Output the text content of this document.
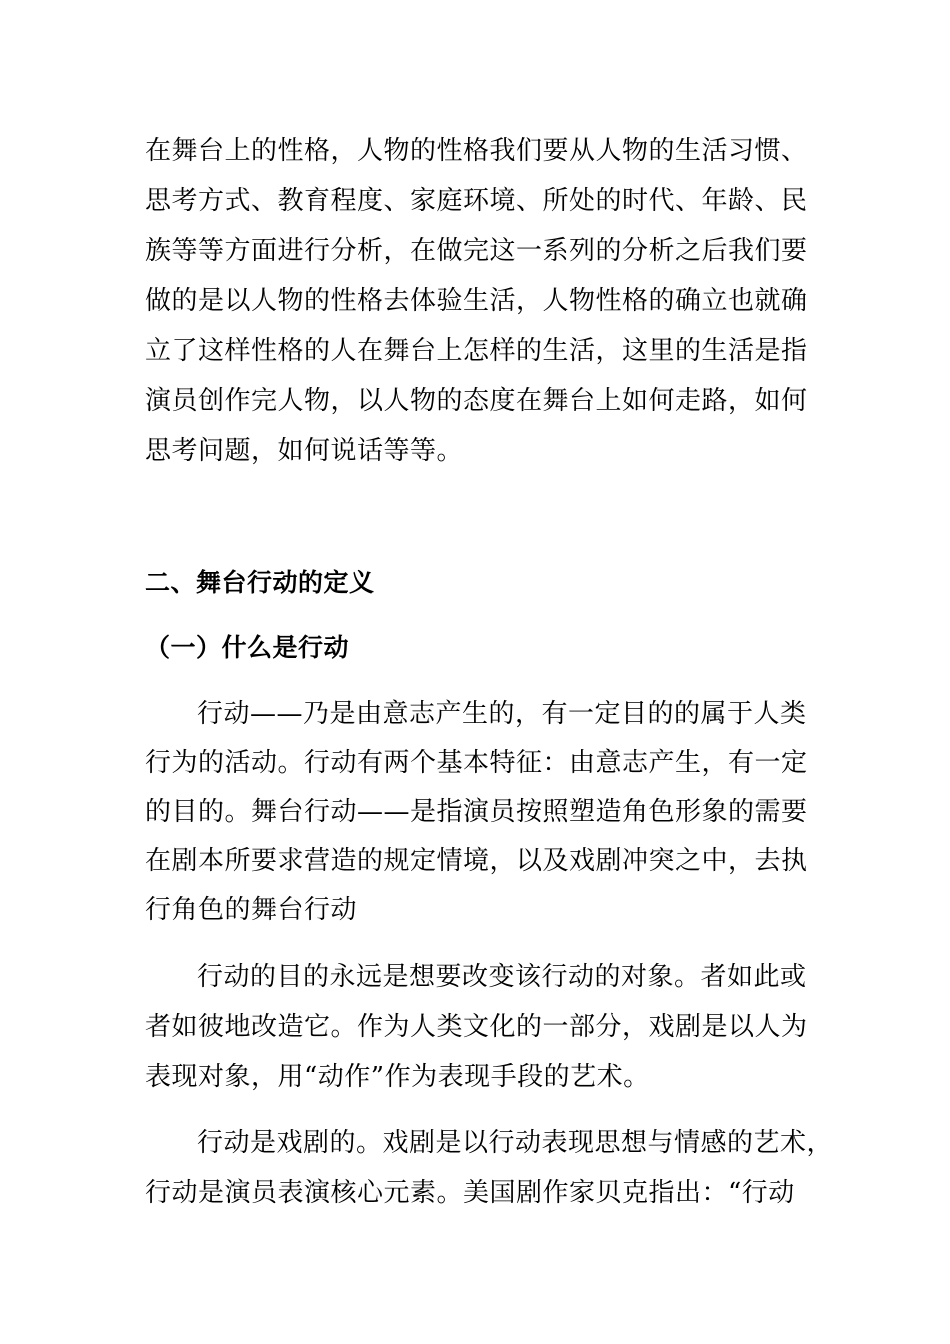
在舞台上的性格，人物的性格我们要从人物的生活习惯、
思考方式、教育程度、家庭环境、所处的时代、年龄、民
族等等方面进行分析，在做完这一系列的分析之后我们要
做的是以人物的性格去体验生活，人物性格的确立也就确
立了这样性格的人在舞台上怎样的生活，这里的生活是指
演员创作完人物，以人物的态度在舞台上如何走路，如何
思考问题，如何说话等等。
二、舞台行动的定义
（一）什么是行动
行动——乃是由意志产生的，有一定目的的属于人类
行为的活动。行动有两个基本特征：由意志产生，有一定
的目的。舞台行动——是指演员按照塑造角色形象的需要
在剧本所要求营造的规定情境，以及戏剧冲突之中，去执
行角色的舞台行动
行动的目的永远是想要改变该行动的对象。者如此或
者如彼地改造它。作为人类文化的一部分，戏剧是以人为
表现对象，用“动作”作为表现手段的艺术。
行动是戏剧的。戏剧是以行动表现思想与情感的艺术，
行动是演员表演核心元素。美国剧作家贝克指出：“行动
